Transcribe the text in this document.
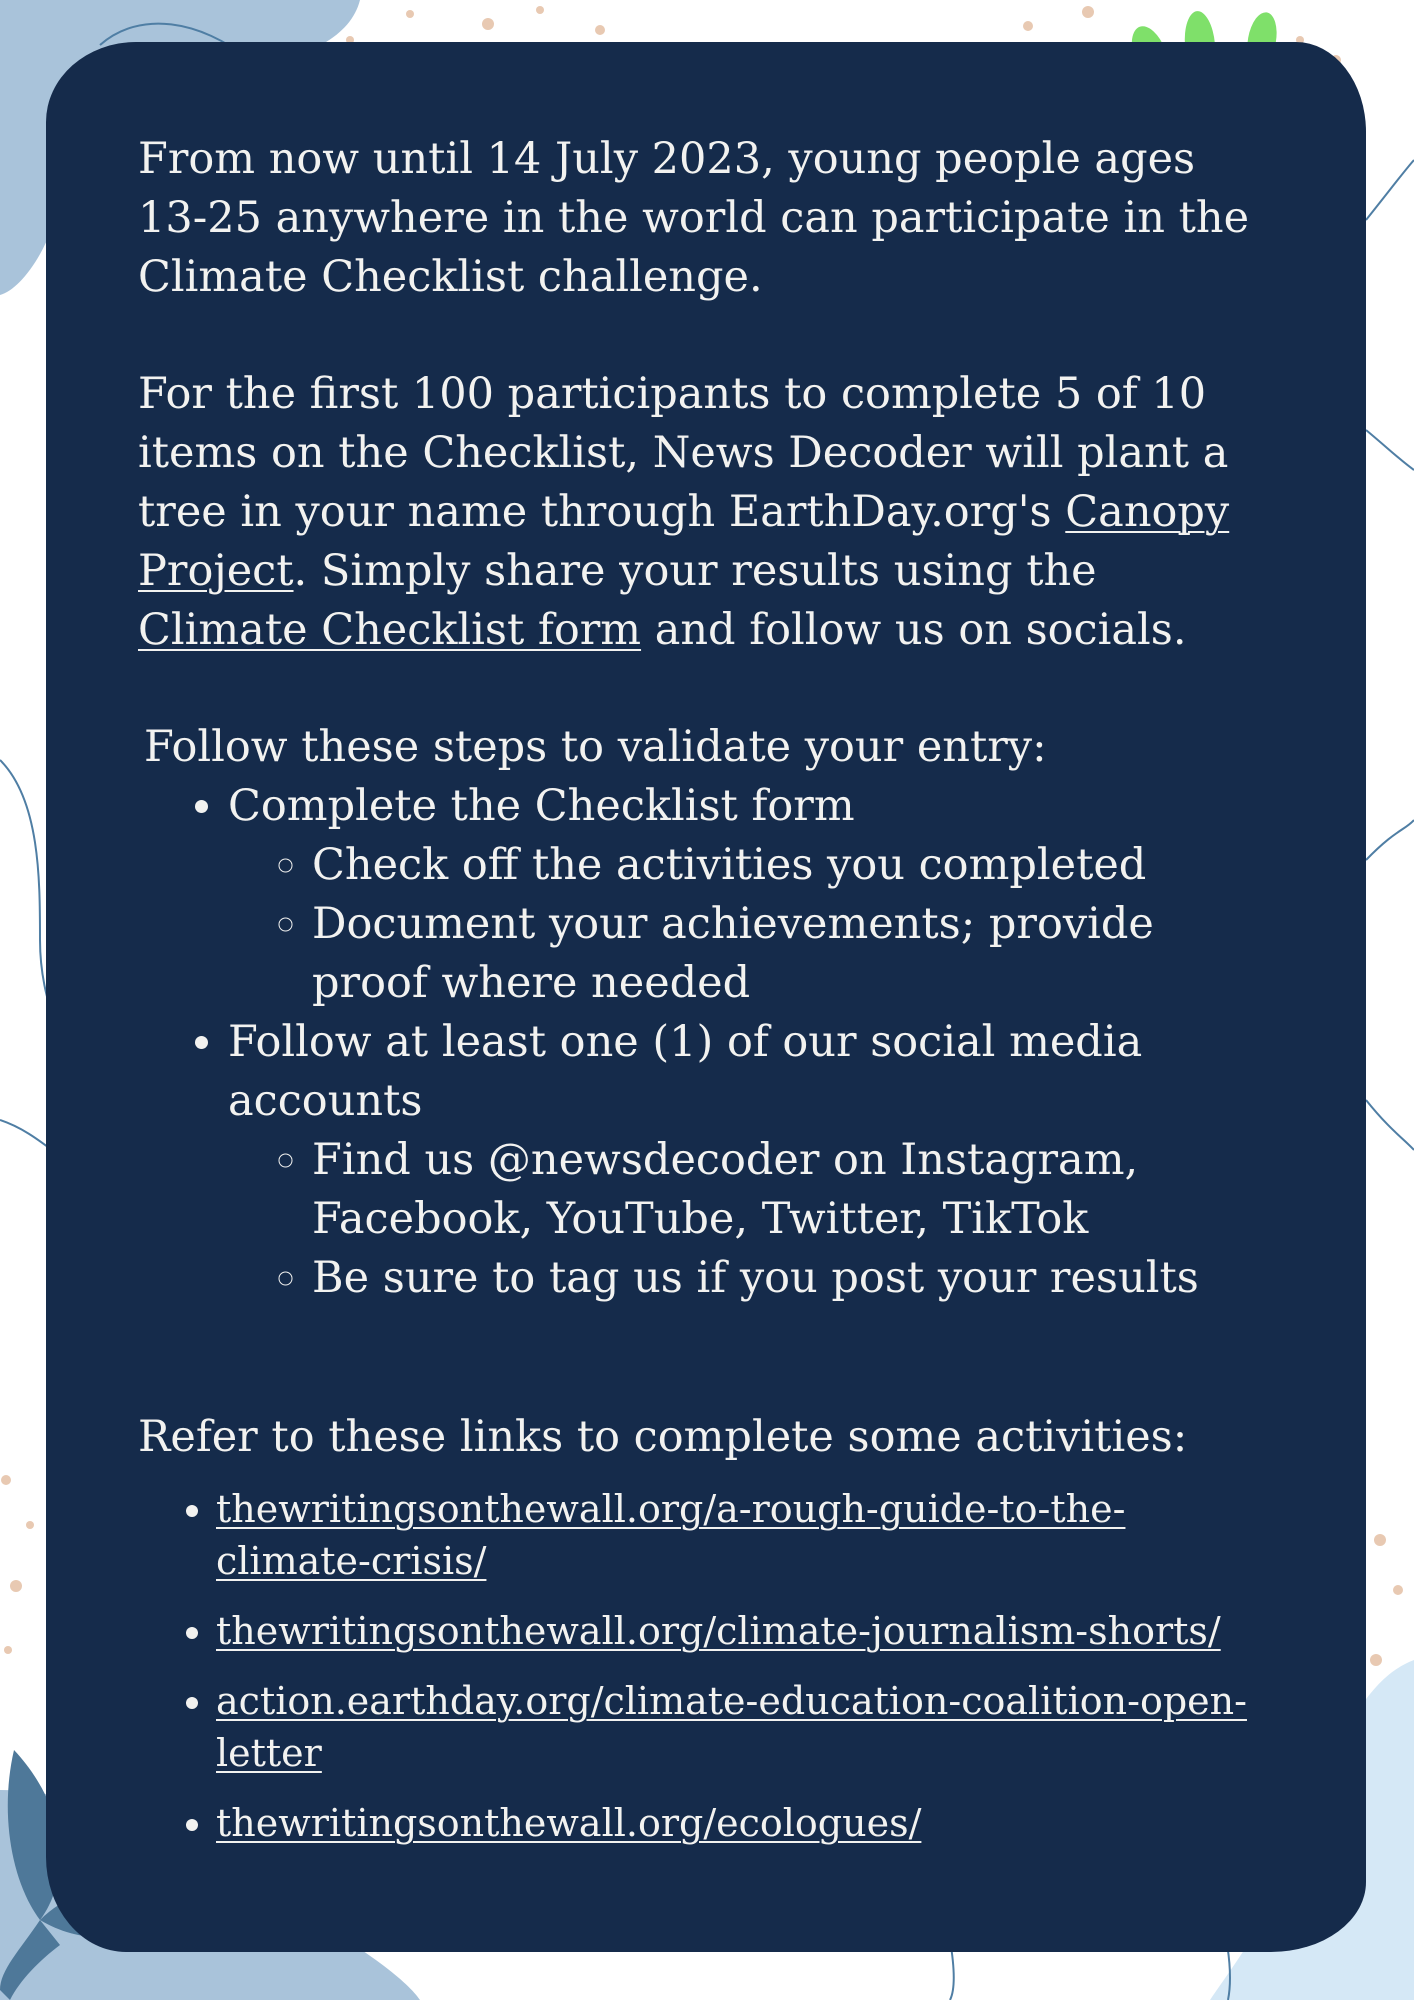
From now until 14 July 2023, young people ages 13-25 anywhere in the world can participate in the Climate Checklist challenge.

For the first 100 participants to complete 5 of 10 items on the Checklist, News Decoder will plant a tree in your name through EarthDay.org's Canopy Project. Simply share your results using the Climate Checklist form and follow us on socials.

Follow these steps to validate your entry:

• Complete the Checklist form
◦ Check off the activities you completed
◦ Document your achievements; provide proof where needed
• Follow at least one (1) of our social media accounts
◦ Find us @newsdecoder on Instagram, Facebook, YouTube, Twitter, TikTok
◦ Be sure to tag us if you post your results

Refer to these links to complete some activities:

• thewritingsonthewall.org/a-rough-guide-to-the-climate-crisis/
• thewritingsonthewall.org/climate-journalism-shorts/
• action.earthday.org/climate-education-coalition-open-letter
• thewritingsonthewall.org/ecologues/
